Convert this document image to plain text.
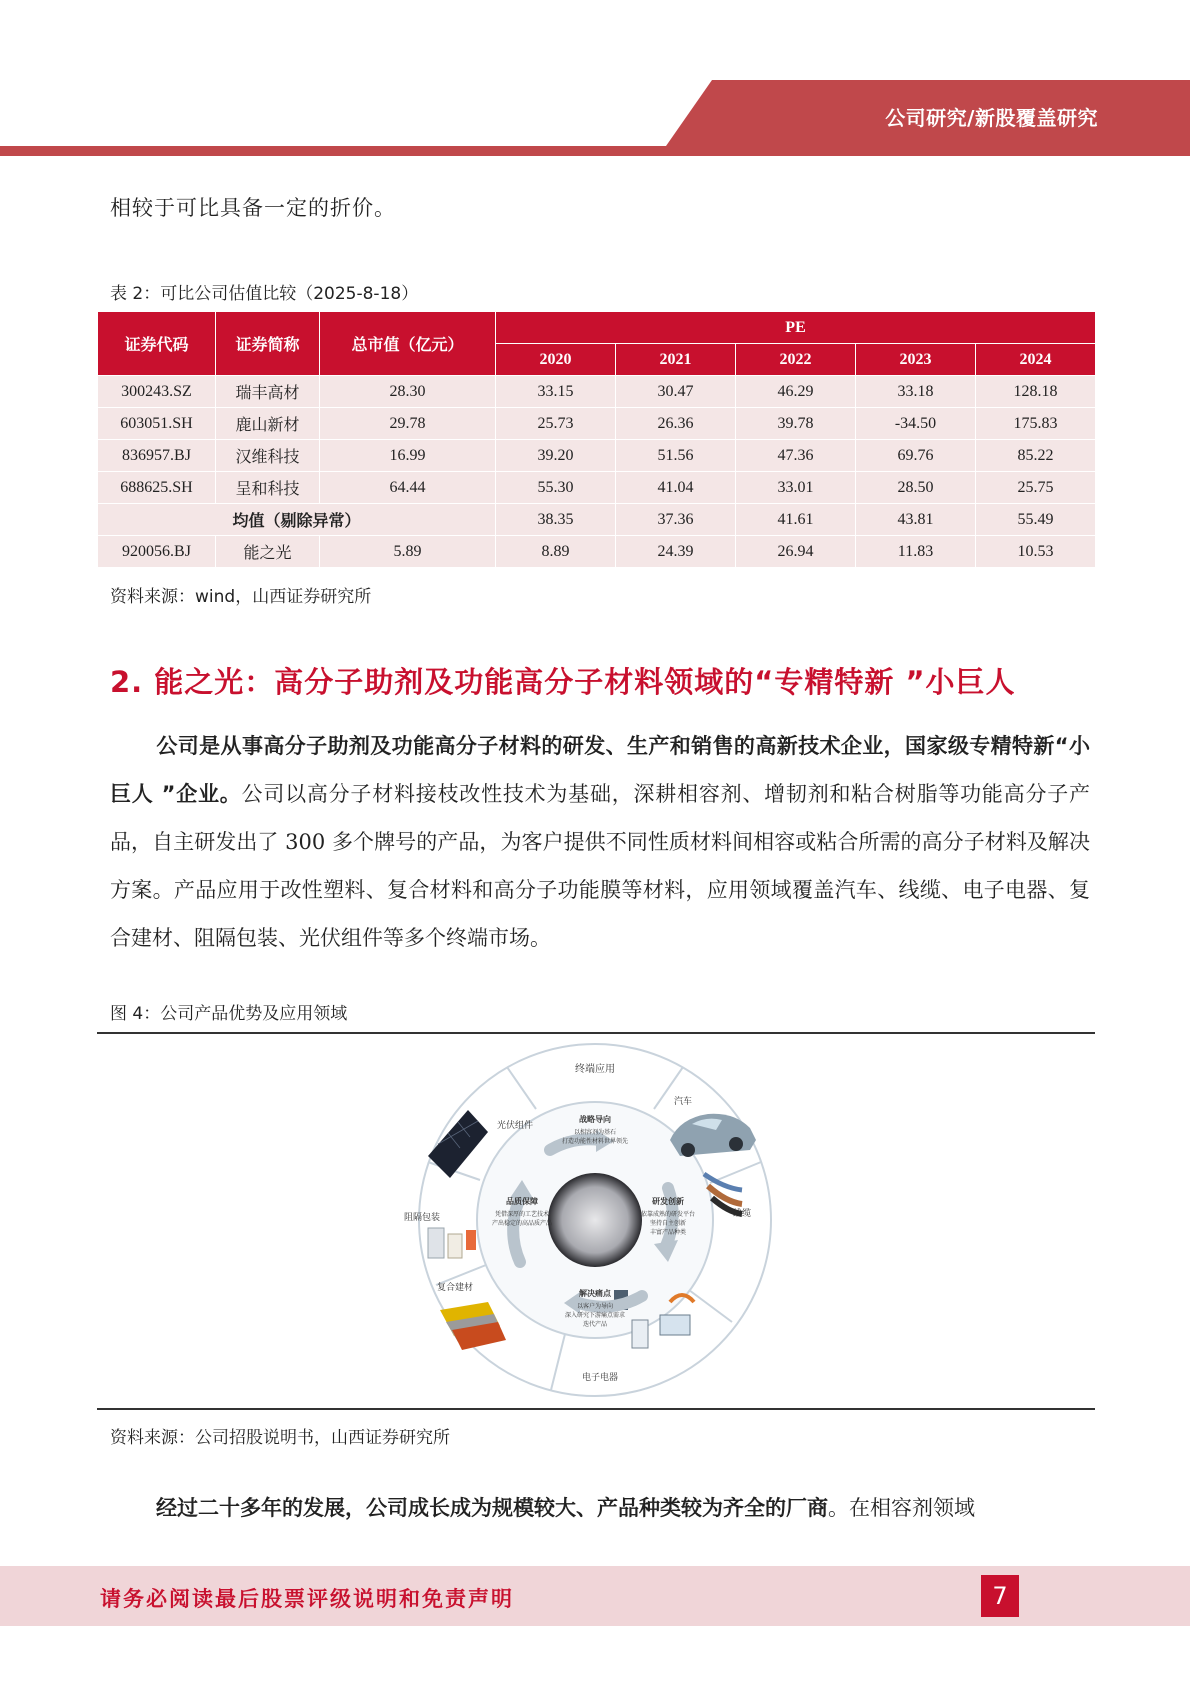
公司研究/新股覆盖研究
相较于可比具备一定的折价。
表 2：可比公司估值比较（2025-8-18）
证券代码	证券简称	总市值（亿元）	PE				
			2020	2021	2022	2023	2024
300243.SZ	瑞丰高材	28.30	33.15	30.47	46.29	33.18	128.18
603051.SH	鹿山新材	29.78	25.73	26.36	39.78	-34.50	175.83
836957.BJ	汉维科技	16.99	39.20	51.56	47.36	69.76	85.22
688625.SH	呈和科技	64.44	55.30	41.04	33.01	28.50	25.75
均值（剔除异常）			38.35	37.36	41.61	43.81	55.49
920056.BJ	能之光	5.89	8.89	24.39	26.94	11.83	10.53
资料来源：wind，山西证券研究所
2. 能之光：高分子助剂及功能高分子材料领域的“专精特新 ”小巨人
公司是从事高分子助剂及功能高分子材料的研发、生产和销售的高新技术企业，国家级专精特新“小巨人 ”企业。公司以高分子材料接枝改性技术为基础，深耕相容剂、增韧剂和粘合树脂等功能高分子产品，自主研发出了 300 多个牌号的产品，为客户提供不同性质材料间相容或粘合所需的高分子材料及解决方案。产品应用于改性塑料、复合材料和高分子功能膜等材料，应用领域覆盖汽车、线缆、电子电器、复合建材、阻隔包装、光伏组件等多个终端市场。
图 4：公司产品优势及应用领域
终端应用
汽车
线缆
电子电器
复合建材
阻隔包装
光伏组件
战略导向
以相容剂为基石
打造功能性材料世界领先
研发创新
依靠成熟的研发平台
坚持自主创新
丰富产品种类
解决痛点
以客户为导向
深入研究下游痛点需求
迭代产品
品质保障
凭借深厚的工艺技术
产出稳定的高品质产品
资料来源：公司招股说明书，山西证券研究所
经过二十多年的发展，公司成长成为规模较大、产品种类较为齐全的厂商。在相容剂领域
请务必阅读最后股票评级说明和免责声明	7
